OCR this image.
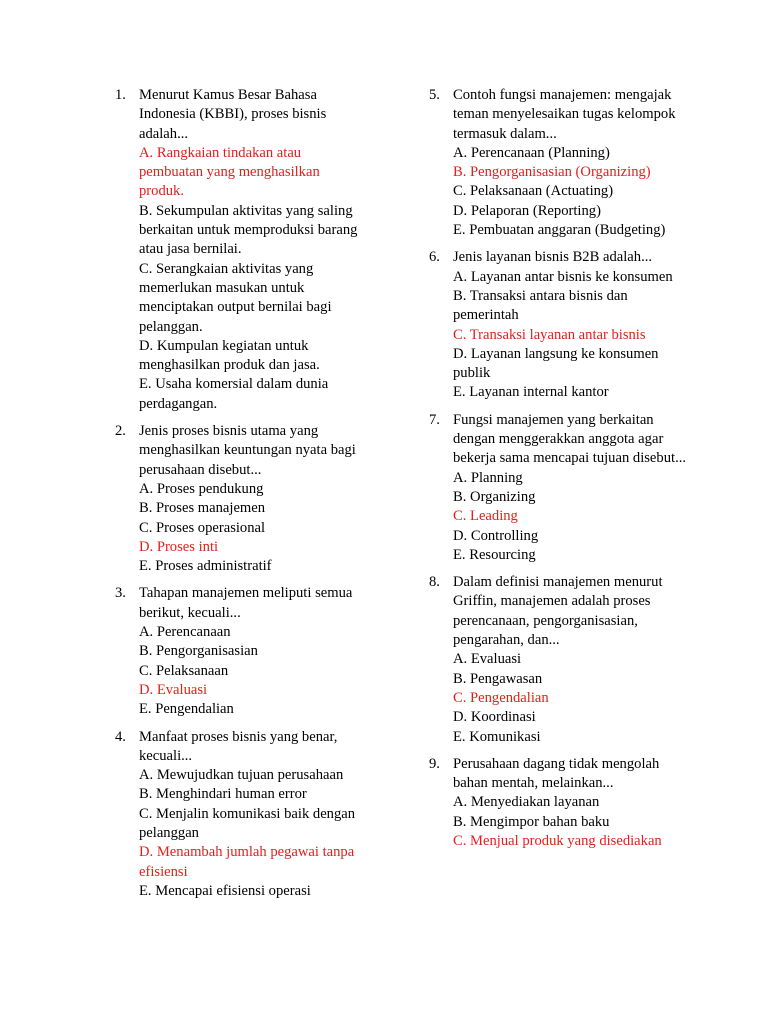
1. Menurut Kamus Besar Bahasa Indonesia (KBBI), proses bisnis adalah...

A. Rangkaian tindakan atau pembuatan yang menghasilkan produk.

B. Sekumpulan aktivitas yang saling berkaitan untuk memproduksi barang atau jasa bernilai.

C. Serangkaian aktivitas yang memerlukan masukan untuk menciptakan output bernilai bagi pelanggan.

D. Kumpulan kegiatan untuk menghasilkan produk dan jasa.

E. Usaha komersial dalam dunia perdagangan.

2. Jenis proses bisnis utama yang menghasilkan keuntungan nyata bagi perusahaan disebut...

A. Proses pendukung

B. Proses manajemen

C. Proses operasional

D. Proses inti

E. Proses administratif

3. Tahapan manajemen meliputi semua berikut, kecuali...

A. Perencanaan

B. Pengorganisasian

C. Pelaksanaan

D. Evaluasi

E. Pengendalian

4. Manfaat proses bisnis yang benar, kecuali...

A. Mewujudkan tujuan perusahaan

B. Menghindari human error

C. Menjalin komunikasi baik dengan pelanggan

D. Menambah jumlah pegawai tanpa efisiensi

E. Mencapai efisiensi operasi

5. Contoh fungsi manajemen: mengajak teman menyelesaikan tugas kelompok termasuk dalam...

A. Perencanaan (Planning)

B. Pengorganisasian (Organizing)

C. Pelaksanaan (Actuating)

D. Pelaporan (Reporting)

E. Pembuatan anggaran (Budgeting)

6. Jenis layanan bisnis B2B adalah...

A. Layanan antar bisnis ke konsumen

B. Transaksi antara bisnis dan pemerintah

C. Transaksi layanan antar bisnis

D. Layanan langsung ke konsumen publik

E. Layanan internal kantor

7. Fungsi manajemen yang berkaitan dengan menggerakkan anggota agar bekerja sama mencapai tujuan disebut...

A. Planning

B. Organizing

C. Leading

D. Controlling

E. Resourcing

8. Dalam definisi manajemen menurut Griffin, manajemen adalah proses perencanaan, pengorganisasian, pengarahan, dan...

A. Evaluasi

B. Pengawasan

C. Pengendalian

D. Koordinasi

E. Komunikasi

9. Perusahaan dagang tidak mengolah bahan mentah, melainkan...

A. Menyediakan layanan

B. Mengimpor bahan baku

C. Menjual produk yang disediakan
